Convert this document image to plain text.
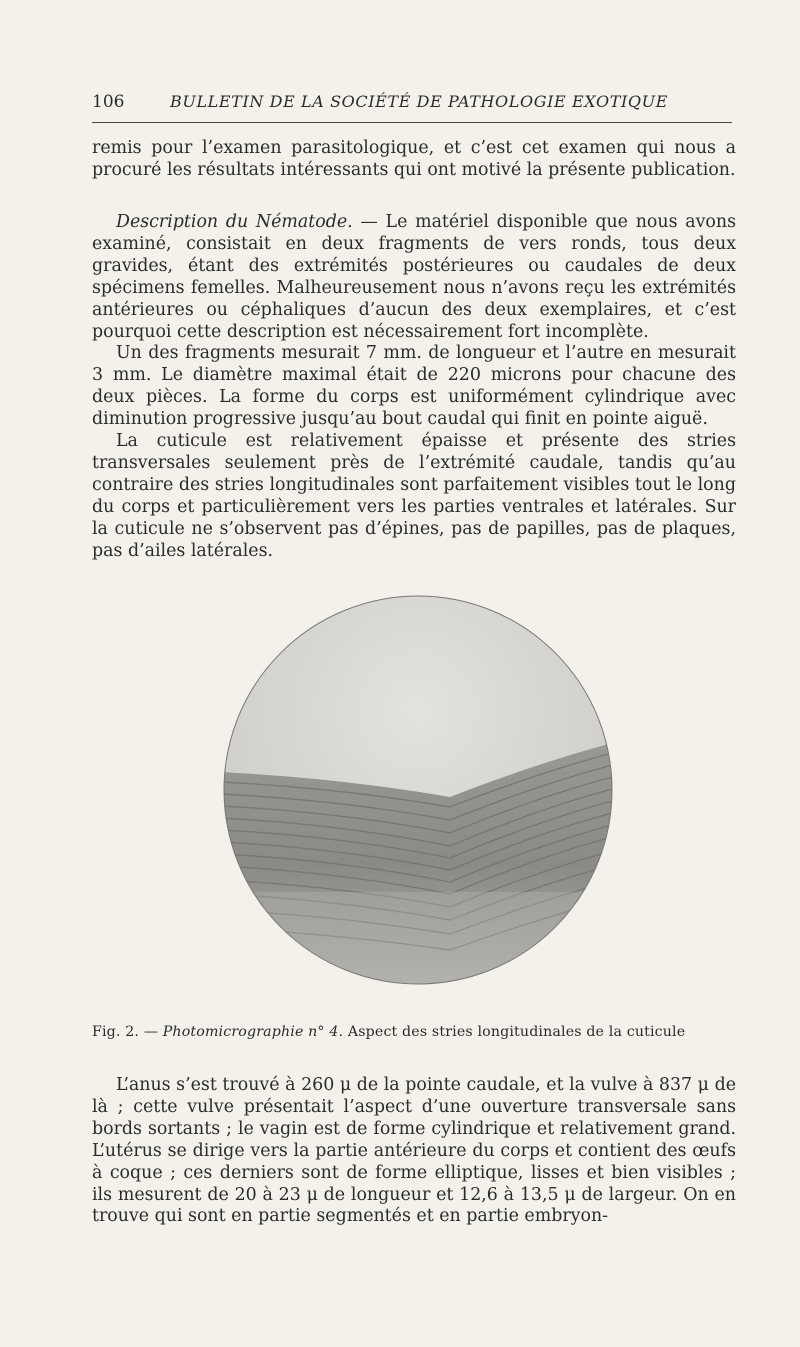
106	BULLETIN DE LA SOCIÉTÉ DE PATHOLOGIE EXOTIQUE

remis pour l’examen parasitologique, et c’est cet examen qui nous a procuré les résultats intéressants qui ont motivé la présente publication.

Description du Nématode. — Le matériel disponible que nous avons examiné, consistait en deux fragments de vers ronds, tous deux gravides, étant des extrémités postérieures ou caudales de deux spécimens femelles. Malheureusement nous n’avons reçu les extrémités antérieures ou céphaliques d’aucun des deux exemplaires, et c’est pourquoi cette description est nécessairement fort incomplète.

Un des fragments mesurait 7 mm. de longueur et l’autre en mesurait 3 mm. Le diamètre maximal était de 220 microns pour chacune des deux pièces. La forme du corps est uniformément cylindrique avec diminution progressive jusqu’au bout caudal qui finit en pointe aiguë.

La cuticule est relativement épaisse et présente des stries transversales seulement près de l’extrémité caudale, tandis qu’au contraire des stries longitudinales sont parfaitement visibles tout le long du corps et particulièrement vers les parties ventrales et latérales. Sur la cuticule ne s’observent pas d’épines, pas de papilles, pas de plaques, pas d’ailes latérales.

Fig. 2. — Photomicrographie n° 4. Aspect des stries longitudinales de la cuticule

L’anus s’est trouvé à 260 μ de la pointe caudale, et la vulve à 837 μ de là ; cette vulve présentait l’aspect d’une ouverture transversale sans bords sortants ; le vagin est de forme cylindrique et relativement grand. L’utérus se dirige vers la partie antérieure du corps et contient des œufs à coque ; ces derniers sont de forme elliptique, lisses et bien visibles ; ils mesurent de 20 à 23 μ de longueur et 12,6 à 13,5 μ de largeur. On en trouve qui sont en partie segmentés et en partie embryon-
